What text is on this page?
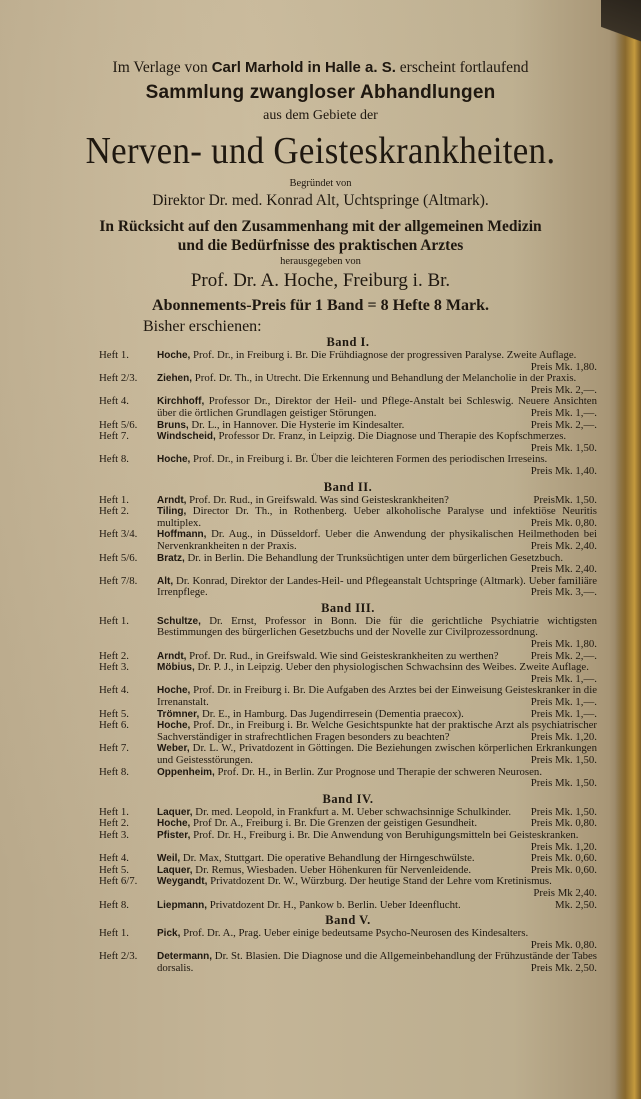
Im Verlage von Carl Marhold in Halle a. S. erscheint fortlaufend
Sammlung zwangloser Abhandlungen
aus dem Gebiete der
Nerven- und Geisteskrankheiten.
Begründet von
Direktor Dr. med. Konrad Alt, Uchtspringe (Altmark).
In Rücksicht auf den Zusammenhang mit der allgemeinen Medizin
und die Bedürfnisse des praktischen Arztes
herausgegeben von
Prof. Dr. A. Hoche, Freiburg i. Br.
Abonnements-Preis für 1 Band = 8 Hefte 8 Mark.
Bisher erschienen:
Band I.
Heft 1.	Hoche, Prof. Dr., in Freiburg i. Br. Die Frühdiagnose der progressiven Paralyse. Zweite Auflage.
Preis Mk. 1,80.
Heft 2/3.	Ziehen, Prof. Dr. Th., in Utrecht. Die Erkennung und Behandlung der Melancholie in der Praxis.
Preis Mk. 2,—.
Heft 4.	Kirchhoff, Professor Dr., Direktor der Heil- und Pflege-Anstalt bei Schleswig. Neuere Ansichten über die örtlichen Grundlagen geistiger Störungen.	Preis Mk. 1,—.
Heft 5/6.	Bruns, Dr. L., in Hannover. Die Hysterie im Kindesalter.	Preis Mk. 2,—.
Heft 7.	Windscheid, Professor Dr. Franz, in Leipzig. Die Diagnose und Therapie des Kopfschmerzes.
Preis Mk. 1,50.
Heft 8.	Hoche, Prof. Dr., in Freiburg i. Br. Über die leichteren Formen des periodischen Irreseins.
Preis Mk. 1,40.
Band II.
Heft 1.	Arndt, Prof. Dr. Rud., in Greifswald. Was sind Geisteskrankheiten?	PreisMk. 1,50.
Heft 2.	Tiling, Director Dr. Th., in Rothenberg. Ueber alkoholische Paralyse und infektiöse Neuritis multiplex.	Preis Mk. 0,80.
Heft 3/4.	Hoffmann, Dr. Aug., in Düsseldorf. Ueber die Anwendung der physikalischen Heilmethoden bei Nervenkrankheiten n der Praxis.	Preis Mk. 2,40.
Heft 5/6.	Bratz, Dr. in Berlin. Die Behandlung der Trunksüchtigen unter dem bürgerlichen Gesetzbuch.
Preis Mk. 2,40.
Heft 7/8.	Alt, Dr. Konrad, Direktor der Landes-Heil- und Pflegeanstalt Uchtspringe (Altmark). Ueber familiäre Irrenpflege.	Preis Mk. 3,—.
Band III.
Heft 1.	Schultze, Dr. Ernst, Professor in Bonn. Die für die gerichtliche Psychiatrie wichtigsten Bestimmungen des bürgerlichen Gesetzbuchs und der Novelle zur Civilprozessordnung.
Preis Mk. 1,80.
Heft 2.	Arndt, Prof. Dr. Rud., in Greifswald. Wie sind Geisteskrankheiten zu werthen?	Preis Mk. 2,—.
Heft 3.	Möbius, Dr. P. J., in Leipzig. Ueber den physiologischen Schwachsinn des Weibes. Zweite Auflage.
Preis Mk. 1,—.
Heft 4.	Hoche, Prof. Dr. in Freiburg i. Br. Die Aufgaben des Arztes bei der Einweisung Geisteskranker in die Irrenanstalt.	Preis Mk. 1,—.
Heft 5.	Trömner, Dr. E., in Hamburg. Das Jugendirresein (Dementia praecox).	Preis Mk. 1,—.
Heft 6.	Hoche, Prof. Dr., in Freiburg i. Br. Welche Gesichtspunkte hat der praktische Arzt als psychiatrischer Sachverständiger in strafrechtlichen Fragen besonders zu beachten?	Preis Mk. 1,20.
Heft 7.	Weber, Dr. L. W., Privatdozent in Göttingen. Die Beziehungen zwischen körperlichen Erkrankungen und Geistesstörungen.	Preis Mk. 1,50.
Heft 8.	Oppenheim, Prof. Dr. H., in Berlin. Zur Prognose und Therapie der schweren Neurosen.
Preis Mk. 1,50.
Band IV.
Heft 1.	Laquer, Dr. med. Leopold, in Frankfurt a. M. Ueber schwachsinnige Schulkinder.	Preis Mk. 1,50.
Heft 2.	Hoche, Prof Dr. A., Freiburg i. Br. Die Grenzen der geistigen Gesundheit.	Preis Mk. 0,80.
Heft 3.	Pfister, Prof. Dr. H., Freiburg i. Br. Die Anwendung von Beruhigungsmitteln bei Geisteskranken.
Preis Mk. 1,20.
Heft 4.	Weil, Dr. Max, Stuttgart. Die operative Behandlung der Hirngeschwülste.	Preis Mk. 0,60.
Heft 5.	Laquer, Dr. Remus, Wiesbaden. Ueber Höhenkuren für Nervenleidende.	Preis Mk. 0,60.
Heft 6/7.	Weygandt, Privatdozent Dr. W., Würzburg. Der heutige Stand der Lehre vom Kretinismus.
Preis Mk 2,40.
Heft 8.	Liepmann, Privatdozent Dr. H., Pankow b. Berlin. Ueber Ideenflucht.	Mk. 2,50.
Band V.
Heft 1.	Pick, Prof. Dr. A., Prag. Ueber einige bedeutsame Psycho-Neurosen des Kindesalters.
Preis Mk. 0,80.
Heft 2/3.	Determann, Dr. St. Blasien. Die Diagnose und die Allgemeinbehandlung der Frühzustände der Tabes dorsalis.	Preis Mk. 2,50.
